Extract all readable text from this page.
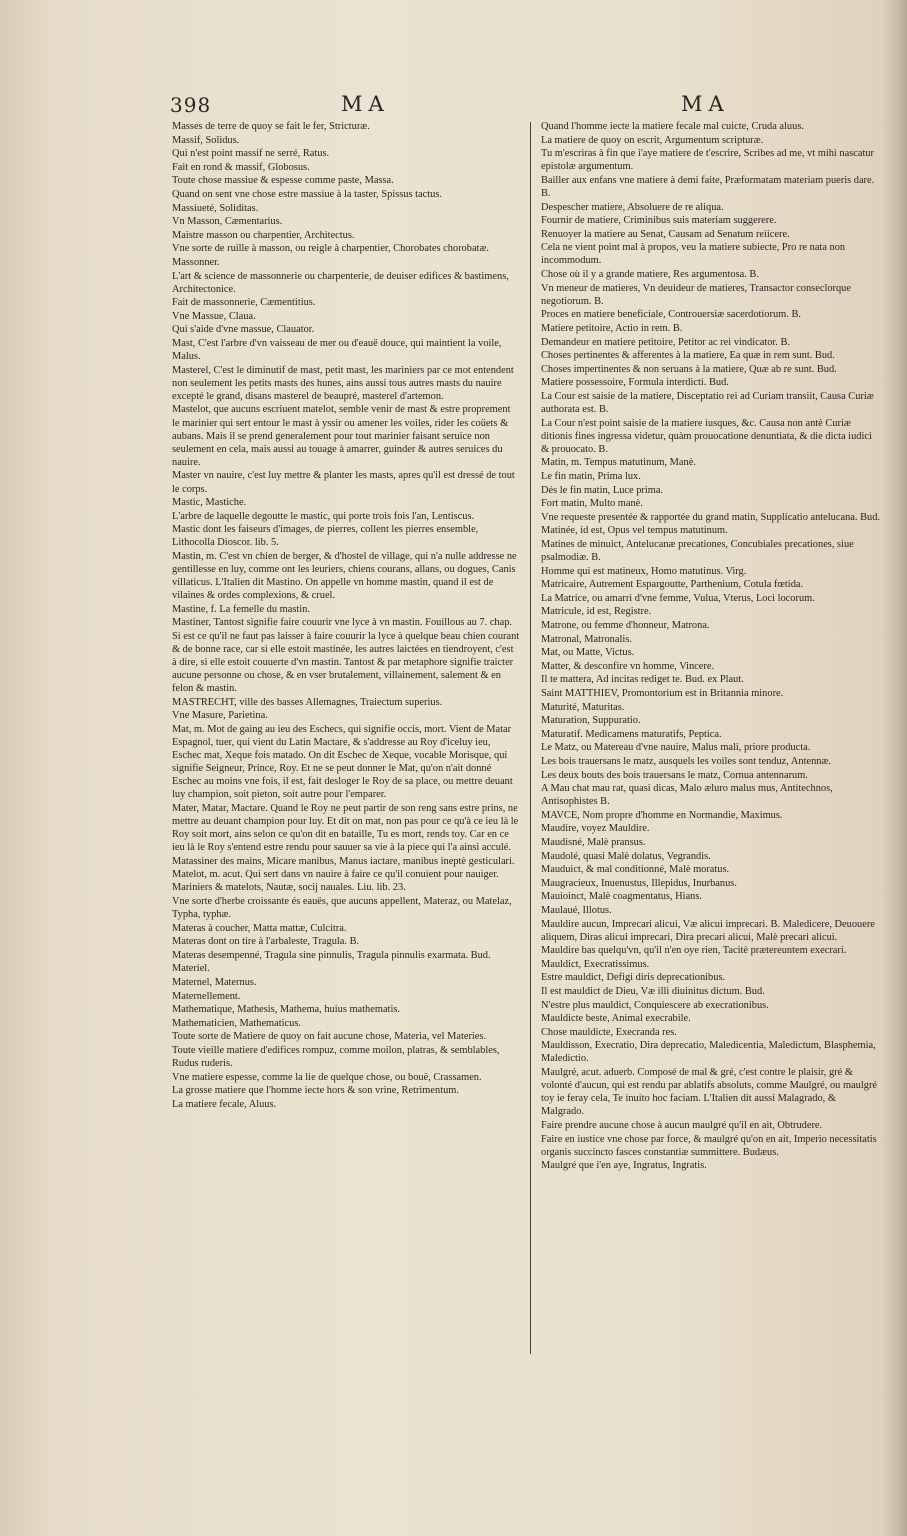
398	MA	MA
Masses de terre de quoy se fait le fer, Stricturæ.
Massif, Solidus.
Qui n'est point massif ne serré, Ratus.
Fait en rond & massif, Globosus.
Toute chose massiue & espesse comme paste, Massa.
Quand on sent vne chose estre massiue à la taster, Spissus tactus.
Massiueté, Soliditas.
Vn Masson, Cæmentarius.
Maistre masson ou charpentier, Architectus.
Vne sorte de ruille à masson, ou reigle à charpentier, Chorobates chorobatæ.
Massonner.
L'art & science de massonnerie ou charpenterie, de deuiser edifices & bastimens, Architectonice.
Fait de massonnerie, Cæmentitius.
Vne Massue, Claua.
Qui s'aide d'vne massue, Clauator.
Mast, C'est l'arbre d'vn vaisseau de mer ou d'eauë douce, qui maintient la voile, Malus.
Masterel, C'est le diminutif de mast, petit mast, les mariniers par ce mot entendent non seulement les petits masts des hunes, ains aussi tous autres masts du nauire excepté le grand, disans masterel de beaupré, masterel d'artemon.
Mastelot, que aucuns escriuent matelot, semble venir de mast & estre proprement le marinier qui sert entour le mast à yssir ou amener les voiles, rider les coüets & aubans. Mais il se prend generalement pour tout marinier faisant seruice non seulement en cela, mais aussi au touage à amarrer, guinder & autres seruices du nauire.
Master vn nauire, c'est luy mettre & planter les masts, apres qu'il est dressé de tout le corps.
Mastic, Mastiche.
L'arbre de laquelle degoutte le mastic, qui porte trois fois l'an, Lentiscus.
Mastic dont les faiseurs d'images, de pierres, collent les pierres ensemble, Lithocolla Dioscor. lib. 5.
Mastin, m. C'est vn chien de berger, & d'hostel de village, qui n'a nulle addresse ne gentillesse en luy, comme ont les leuriers, chiens courans, allans, ou dogues, Canis villaticus. L'Italien dit Mastino. On appelle vn homme mastin, quand il est de vilaines & ordes complexions, & cruel.
Mastine, f. La femelle du mastin.
Mastiner, Tantost signifie faire couurir vne lyce à vn mastin. Fouillous au 7. chap. Si est ce qu'il ne faut pas laisser à faire couurir la lyce à quelque beau chien courant & de bonne race, car si elle estoit mastinée, les autres laictées en tiendroyent, c'est à dire, si elle estoit couuerte d'vn mastin. Tantost & par metaphore signifie traicter aucune personne ou chose, & en vser brutalement, villainement, salement & en felon & mastin.
MASTRECHT, ville des basses Allemagnes, Traiectum superius.
Vne Masure, Parietina.
Mat, m. Mot de gaing au ieu des Eschecs, qui signifie occis, mort. Vient de Matar Espagnol, tuer, qui vient du Latin Mactare, & s'addresse au Roy d'iceluy ieu, Eschec mat, Xeque fois matado. On dit Eschec de Xeque, vocable Morisque, qui signifie Seigneur, Prince, Roy. Et ne se peut donner le Mat, qu'on n'ait donné Eschec au moins vne fois, il est, fait desloger le Roy de sa place, ou mettre deuant luy champion, soit pieton, soit autre pour l'emparer.
Mater, Matar, Mactare. Quand le Roy ne peut partir de son reng sans estre prins, ne mettre au deuant champion pour luy. Et dit on mat, non pas pour ce qu'à ce ieu là le Roy soit mort, ains selon ce qu'on dit en bataille, Tu es mort, rends toy. Car en ce ieu là le Roy s'entend estre rendu pour sauuer sa vie à la piece qui l'a ainsi acculé.
Matassiner des mains, Micare manibus, Manus iactare, manibus ineptè gesticulari.
Matelot, m. acut. Qui sert dans vn nauire à faire ce qu'il conuient pour nauiger. Mariniers & matelots, Nautæ, socij nauales. Liu. lib. 23.
Vne sorte d'herbe croissante és eauës, que aucuns appellent, Materaz, ou Matelaz, Typha, typhæ.
Materas à coucher, Matta mattæ, Culcitra.
Materas dont on tire à l'arbaleste, Tragula. B.
Materas desempenné, Tragula sine pinnulis, Tragula pinnulis exarmata. Bud.
Materiel.
Maternel, Maternus.
Maternellement.
Mathematique, Mathesis, Mathema, huius mathematis.
Mathematicien, Mathematicus.
Toute sorte de Matiere de quoy on fait aucune chose, Materia, vel Materies.
Toute vieille matiere d'edifices rompuz, comme moilon, platras, & semblables, Rudus ruderis.
Vne matiere espesse, comme la lie de quelque chose, ou bouë, Crassamen.
La grosse matiere que l'homme iecte hors & son vrine, Retrimentum.
La matiere fecale, Aluus.
Quand l'homme iecte la matiere fecale mal cuicte, Cruda aluus.
La matiere de quoy on escrit, Argumentum scripturæ.
Tu m'escriras à fin que i'aye matiere de t'escrire, Scribes ad me, vt mihi nascatur epistolæ argumentum.
Bailler aux enfans vne matiere à demi faite, Præformatam materiam pueris dare. B.
Despescher matiere, Absoluere de re aliqua.
Fournir de matiere, Criminibus suis materiam suggerere.
Renuoyer la matiere au Senat, Causam ad Senatum reiicere.
Cela ne vient point mal à propos, veu la matiere subiecte, Pro re nata non incommodum.
Chose où il y a grande matiere, Res argumentosa. B.
Vn meneur de matieres, Vn deuideur de matieres, Transactor conseclorque negotiorum. B.
Proces en matiere beneficiale, Controuersiæ sacerdotiorum. B.
Matiere petitoire, Actio in rem. B.
Demandeur en matiere petitoire, Petitor ac rei vindicator. B.
Choses pertinentes & afferentes à la matiere, Ea quæ in rem sunt. Bud.
Choses impertinentes & non seruans à la matiere, Quæ ab re sunt. Bud.
Matiere possessoire, Formula interdicti. Bud.
La Cour est saisie de la matiere, Disceptatio rei ad Curiam transiit, Causa Curiæ authorata est. B.
La Cour n'est point saisie de la matiere iusques, &c. Causa non antè Curiæ ditionis fines ingressa videtur, quàm prouocatione denuntiata, & die dicta iudici & prouocato. B.
Matin, m. Tempus matutinum, Manè.
Le fin matin, Prima lux.
Dés le fin matin, Luce prima.
Fort matin, Multo manè.
Vne requeste presentée & rapportée du grand matin, Supplicatio antelucana. Bud.
Matinée, id est, Opus vel tempus matutinum.
Matines de minuict, Antelucanæ precationes, Concubiales precationes, siue psalmodiæ. B.
Homme qui est matineux, Homo matutinus. Virg.
Matricaire, Autrement Espargoutte, Parthenium, Cotula fœtida.
La Matrice, ou amarri d'vne femme, Vulua, Vterus, Loci locorum.
Matricule, id est, Registre.
Matrone, ou femme d'honneur, Matrona.
Matronal, Matronalis.
Mat, ou Matte, Victus.
Matter, & desconfire vn homme, Vincere.
Il te mattera, Ad incitas rediget te. Bud. ex Plaut.
Saint MATTHIEV, Promontorium est in Britannia minore.
Maturité, Maturitas.
Maturation, Suppuratio.
Maturatif. Medicamens maturatifs, Peptica.
Le Matz, ou Matereau d'vne nauire, Malus mali, priore producta.
Les bois trauersans le matz, ausquels les voiles sont tenduz, Antennæ.
Les deux bouts des bois trauersans le matz, Cornua antennarum.
A Mau chat mau rat, quasi dicas, Malo æluro malus mus, Antitechnos, Antisophistes B.
MAVCE, Nom propre d'homme en Normandie, Maximus.
Maudire, voyez Mauldire.
Maudisné, Malè pransus.
Maudolé, quasi Malè dolatus, Vegrandis.
Mauduict, & mal conditionné, Malè moratus.
Maugracieux, Inuenustus, Illepidus, Inurbanus.
Mauioinct, Malè coagmentatus, Hians.
Maulaué, Illotus.
Mauldire aucun, Imprecari alicui, Væ alicui imprecari. B. Maledicere, Deuouere aliquem, Diras alicui imprecari, Dira precari alicui, Malè precari alicui.
Mauldire bas quelqu'vn, qu'il n'en oye rien, Tacitè prætereuntem execrari.
Mauldict, Execratissimus.
Estre mauldict, Defigi diris deprecationibus.
Il est mauldict de Dieu, Væ illi diuinitus dictum. Bud.
N'estre plus mauldict, Conquiescere ab execrationibus.
Mauldicte beste, Animal execrabile.
Chose mauldicte, Execranda res.
Mauldisson, Execratio, Dira deprecatio, Maledicentia, Maledictum, Blasphemia, Maledictio.
Maulgré, acut. aduerb. Composé de mal & gré, c'est contre le plaisir, gré & volonté d'aucun, qui est rendu par ablatifs absoluts, comme Maulgré, ou maulgré toy ie feray cela, Te inuito hoc faciam. L'Italien dit aussi Malagrado, & Malgrado.
Faire prendre aucune chose à aucun maulgré qu'il en ait, Obtrudere.
Faire en iustice vne chose par force, & maulgré qu'on en ait, Imperio necessitatis organis succincto fasces constantiæ summittere. Budæus.
Maulgré que i'en aye, Ingratus, Ingratis.
